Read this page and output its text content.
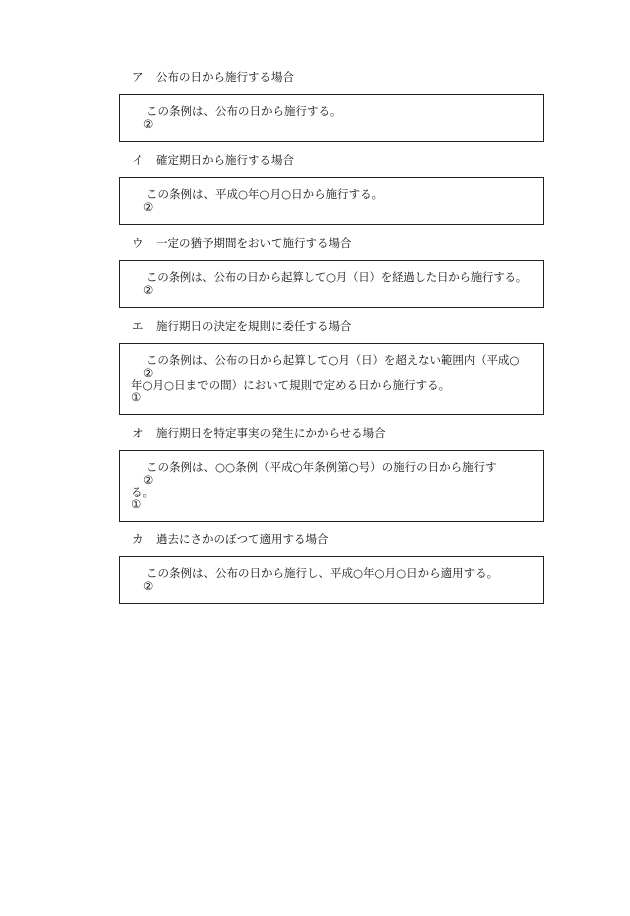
ア 公布の日から施行する場合
この条例は、公布の日から施行する。
②
イ 確定期日から施行する場合
この条例は、平成○年○月○日から施行する。
②
ウ 一定の猶予期間をおいて施行する場合
この条例は、公布の日から起算して○月（日）を経過した日から施行する。
②
エ 施行期日の決定を規則に委任する場合
この条例は、公布の日から起算して○月（日）を超えない範囲内（平成○
②
年○月○日までの間）において規則で定める日から施行する。
①
オ 施行期日を特定事実の発生にかからせる場合
この条例は、○○条例（平成○年条例第○号）の施行の日から施行す
②
る。
①
カ 過去にさかのぼつて適用する場合
この条例は、公布の日から施行し、平成○年○月○日から適用する。
②
